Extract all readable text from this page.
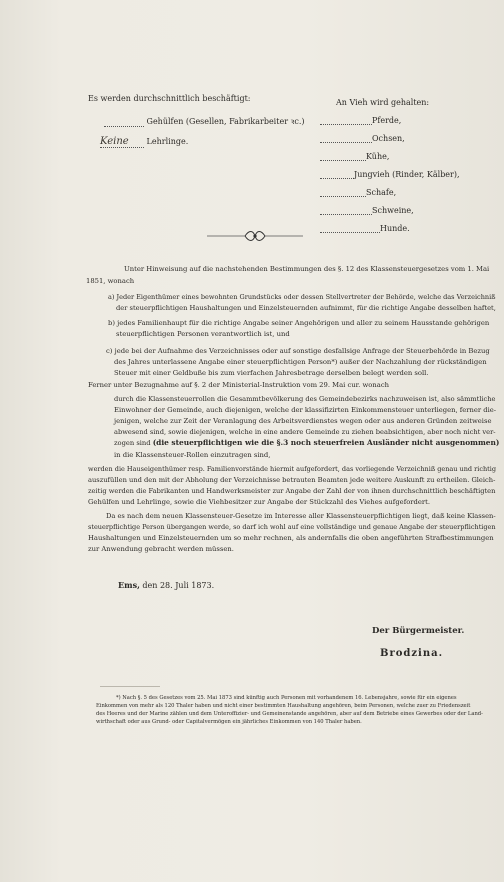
Es werden durchschnittlich beschäftigt:	An Vieh wird gehalten:
Gehülfen (Gesellen, Fabrikarbeiter ꝛc.)
Keine Lehrlinge.
Pferde,
Ochsen,
Kühe,
Jungvieh (Rinder, Kälber),
Schafe,
Schweine,
Hunde.
Unter Hinweisung auf die nachstehenden Bestimmungen des §. 12 des Klassensteuergesetzes vom 1. Mai
1851, wonach
a) Jeder Eigenthümer eines bewohnten Grundstücks oder dessen Stellvertreter der Behörde, welche das Verzeichniß
der steuerpflichtigen Haushaltungen und Einzelsteuernden aufnimmt, für die richtige Angabe desselben haftet,
b) jedes Familienhaupt für die richtige Angabe seiner Angehörigen und aller zu seinem Hausstande gehörigen
steuerpflichtigen Personen verantwortlich ist, und
c) jede bei der Aufnahme des Verzeichnisses oder auf sonstige desfallsige Anfrage der Steuerbehörde in Bezug
des Jahres unterlassene Angabe einer steuerpflichtigen Person*) außer der Nachzahlung der rückständigen
Steuer mit einer Geldbuße bis zum vierfachen Jahresbetrage derselben belegt werden soll.
Ferner unter Bezugnahme auf §. 2 der Ministerial-Instruktion vom 29. Mai cur. wonach
durch die Klassensteuerrollen die Gesammtbevölkerung des Gemeindebezirks nachzuweisen ist, also sämmtliche
Einwohner der Gemeinde, auch diejenigen, welche der klassifizirten Einkommensteuer unterliegen, ferner die-
jenigen, welche zur Zeit der Veranlagung des Arbeitsverdienstes wegen oder aus anderen Gründen zeitweise
abwesend sind, sowie diejenigen, welche in eine andere Gemeinde zu ziehen beabsichtigen, aber noch nicht ver-
zogen sind (die steuerpflichtigen wie die §.3 noch steuerfreien Ausländer nicht ausgenommen)
in die Klassensteuer-Rollen einzutragen sind,
werden die Hauseigenthümer resp. Familienvorstände hiermit aufgefordert, das vorliegende Verzeichniß genau und richtig
auszufüllen und den mit der Abholung der Verzeichnisse betrauten Beamten jede weitere Auskunft zu ertheilen. Gleich-
zeitig werden die Fabrikanten und Handwerksmeister zur Angabe der Zahl der von ihnen durchschnittlich beschäftigten
Gehülfen und Lehrlinge, sowie die Viehbesitzer zur Angabe der Stückzahl des Viehes aufgefordert.
Da es nach dem neuen Klassensteuer-Gesetze im Interesse aller Klassensteuerpflichtigen liegt, daß keine Klassen-
steuerpflichtige Person übergangen werde, so darf ich wohl auf eine vollständige und genaue Angabe der steuerpflichtigen
Haushaltungen und Einzelsteuernden um so mehr rechnen, als andernfalls die oben angeführten Strafbestimmungen
zur Anwendung gebracht werden müssen.
Ems, den 28. Juli 1873.
Der Bürgermeister.
Brodzina.
*) Nach §. 5 des Gesetzes vom 25. Mai 1873 sind künftig auch Personen mit vorhandenem 16. Lebensjahre, sowie für ein eigenes
Einkommen von mehr als 120 Thaler haben und nicht einer bestimmten Haushaltung angehören, beim Personen, welche zuer zu Friedenszeit
des Heeres und der Marine zählen und dem Unteroffizier- und Gemeinenstande angehören, aber auf dem Betriebe eines Gewerbes oder der Land-
wirthschaft oder aus Grund- oder Capitalvermögen ein jährliches Einkommen von 140 Thaler haben.
